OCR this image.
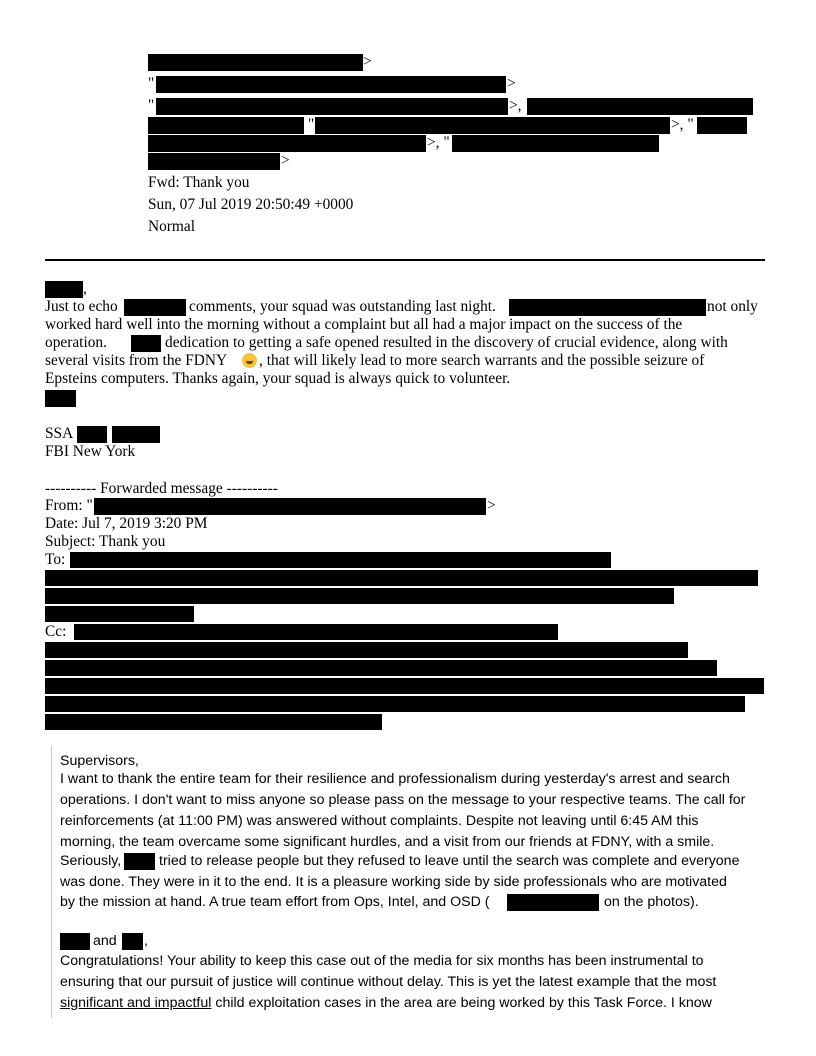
>
"	>
"	>,
"	>, "
>, "
>
Fwd: Thank you
Sun, 07 Jul 2019 20:50:49 +0000
Normal
,
Just to echo	comments, your squad was outstanding last night.	not only
worked hard well into the morning without a complaint but all had a major impact on the success of the
operation.	dedication to getting a safe opened resulted in the discovery of crucial evidence, along with
several visits from the FDNY , that will likely lead to more search warrants and the possible seizure of
Epsteins computers. Thanks again, your squad is always quick to volunteer.
SSA
FBI New York
---------- Forwarded message ----------
From: "	>
Date: Jul 7, 2019 3:20 PM
Subject: Thank you
To:
Cc:
Supervisors,
I want to thank the entire team for their resilience and professionalism during yesterday's arrest and search
operations. I don't want to miss anyone so please pass on the message to your respective teams. The call for
reinforcements (at 11:00 PM) was answered without complaints. Despite not leaving until 6:45 AM this
morning, the team overcame some significant hurdles, and a visit from our friends at FDNY, with a smile.
Seriously,	tried to release people but they refused to leave until the search was complete and everyone
was done. They were in it to the end. It is a pleasure working side by side professionals who are motivated
by the mission at hand. A true team effort from Ops, Intel, and OSD (	on the photos).
and ,
Congratulations! Your ability to keep this case out of the media for six months has been instrumental to
ensuring that our pursuit of justice will continue without delay. This is yet the latest example that the most
significant and impactful child exploitation cases in the area are being worked by this Task Force. I know
